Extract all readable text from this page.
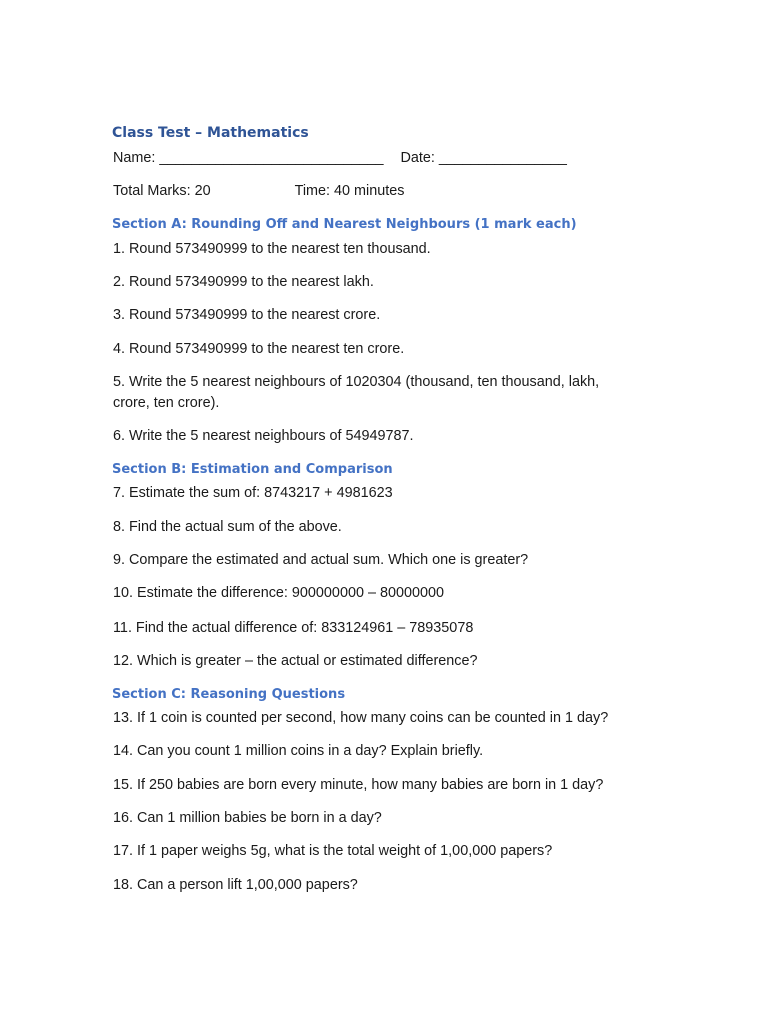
Class Test – Mathematics
Name: ____________________________ Date: ________________
Total Marks: 20	Time: 40 minutes
Section A: Rounding Off and Nearest Neighbours (1 mark each)
1. Round 573490999 to the nearest ten thousand.
2. Round 573490999 to the nearest lakh.
3. Round 573490999 to the nearest crore.
4. Round 573490999 to the nearest ten crore.
5. Write the 5 nearest neighbours of 1020304 (thousand, ten thousand, lakh, crore, ten crore).
6. Write the 5 nearest neighbours of 54949787.
Section B: Estimation and Comparison
7. Estimate the sum of: 8743217 + 4981623
8. Find the actual sum of the above.
9. Compare the estimated and actual sum. Which one is greater?
10. Estimate the difference: 900000000 – 80000000
11. Find the actual difference of: 833124961 – 78935078
12. Which is greater – the actual or estimated difference?
Section C: Reasoning Questions
13. If 1 coin is counted per second, how many coins can be counted in 1 day?
14. Can you count 1 million coins in a day? Explain briefly.
15. If 250 babies are born every minute, how many babies are born in 1 day?
16. Can 1 million babies be born in a day?
17. If 1 paper weighs 5g, what is the total weight of 1,00,000 papers?
18. Can a person lift 1,00,000 papers?
